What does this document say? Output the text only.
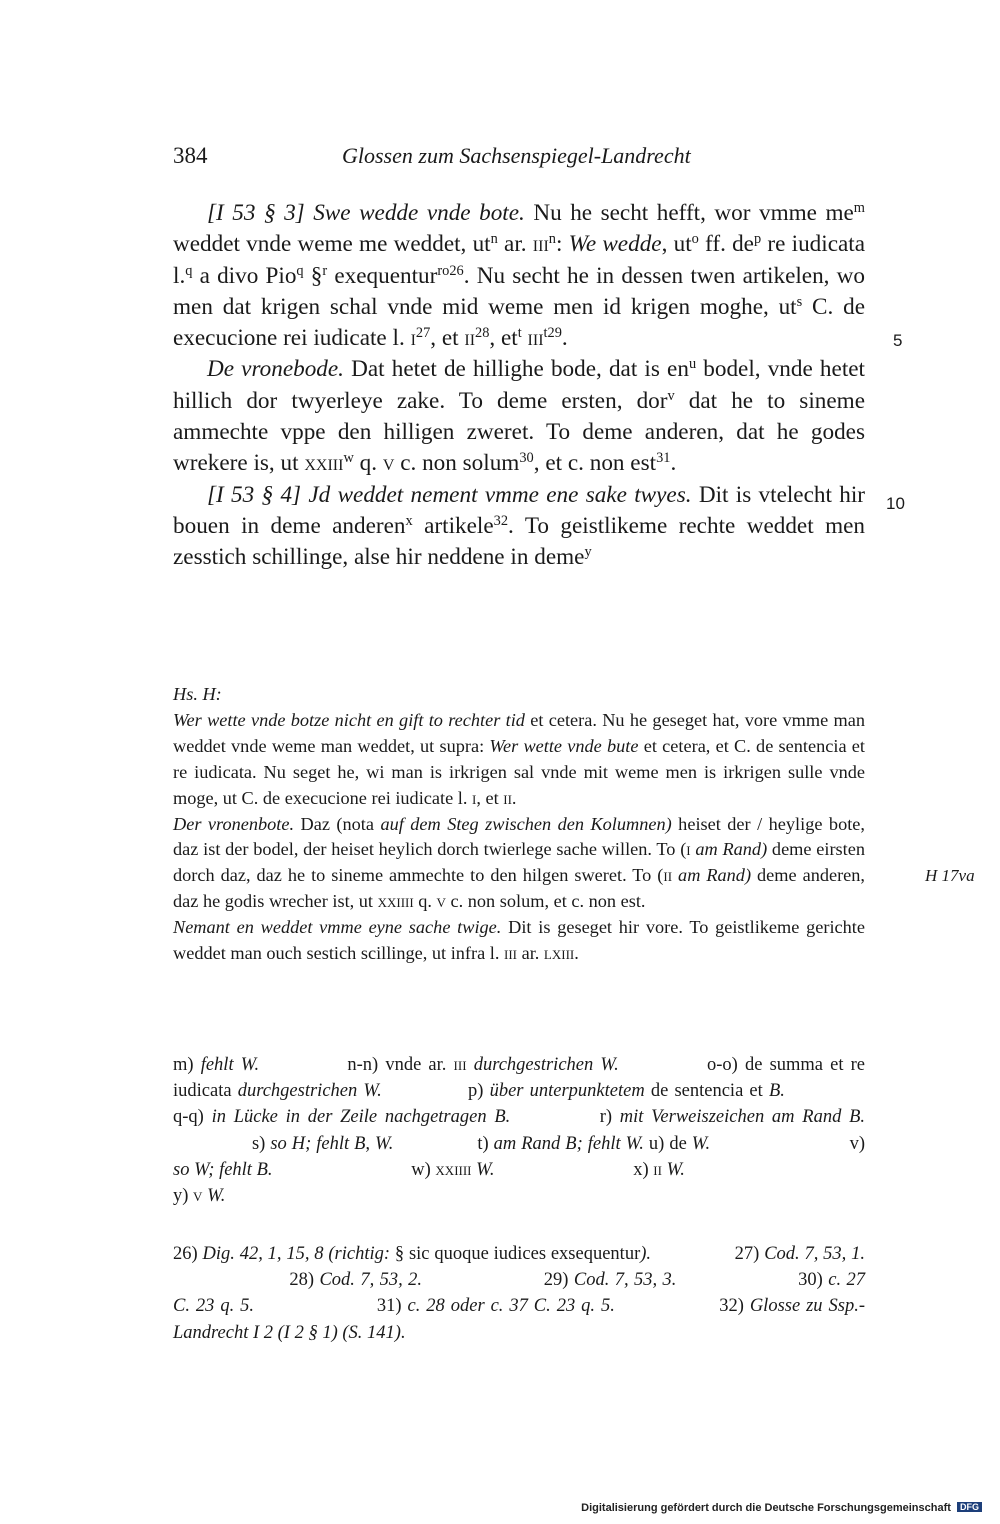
384	Glossen zum Sachsenspiegel-Landrecht

[I 53 § 3] Swe wedde vnde bote. Nu he secht hefft, wor vmme $me^m$ weddet vnde weme me weddet, $ut^n$ ar. iii$^n$: We wedde, $ut^o$ ff. $de^p$ re iudicata l.$^q$ a divo Pio$^q$ §$^r$ exequentur$^{ro26}$. Nu secht he in dessen twen artikelen, wo men dat krigen schal vnde mid weme men id krigen moghe, $ut^s$ C. de execucione rei iudicate l. $i^{27}$, et $ii^{28}$, $et^t$ iii$^{t29}$.

De vronebode. Dat hetet de hillighe bode, dat is $en^u$ bodel, vnde hetet hillich dor twyerleye zake. To deme ersten, dor$^v$ dat he to sineme ammechte vppe den hilligen zweret. To deme anderen, dat he godes wrekere is, ut xxiii$^w$ q. v c. non solum$^{30}$, et c. non est$^{31}$.

[I 53 § 4] Jd weddet nement vmme ene sake twyes. Dit is vtelecht hir bouen in deme anderen$^x$ artikele$^{32}$. To geistlikeme rechte weddet men zesstich schillinge, alse hir neddene in deme$^y$

5
10
Hs. H:
Wer wette vnde botze nicht en gift to rechter tid et cetera. Nu he geseget hat, vore vmme man weddet vnde weme man weddet, ut supra: Wer wette vnde bute et cetera, et C. de sentencia et re iudicata. Nu seget he, wi man is irkrigen sal vnde mit weme men is irkrigen sulle vnde moge, ut C. de execucione rei iudicate l. i, et ii.
Der vronenbote. Daz (nota auf dem Steg zwischen den Kolumnen) heiset der / heylige bote, daz ist der bodel, der heiset heylich dorch twierlege sache willen. To (i am Rand) deme eirsten dorch daz, daz he to sineme ammechte to den hilgen sweret. To (ii am Rand) deme anderen, daz he godis wrecher ist, ut xxiiii q. v c. non solum, et c. non est.
Nemant en weddet vmme eyne sache twige. Dit is geseget hir vore. To geistlikeme gerichte weddet man ouch sestich scillinge, ut infra l. iii ar. lxiii.
H 17va
m) fehlt W.      n-n) vnde ar. iii durchgestrichen W.      o-o) de summa et re iudicata durchgestrichen W.      p) über unterpunktetem de sentencia et B.      q-q) in Lücke in der Zeile nachgetragen B.      r) mit Verweiszeichen am Rand B.      s) so H; fehlt B, W.      t) am Rand B; fehlt W. u) de W.         v) so W; fehlt B.         w) xxiiii W.         x) ii W.
y) v W.
26) Dig. 42, 1, 15, 8 (richtig: § sic quoque iudices exsequentur).      27) Cod. 7, 53, 1.        28) Cod. 7, 53, 2.        29) Cod. 7, 53, 3.        30) c. 27 C. 23 q. 5.        31) c. 28 oder c. 37 C. 23 q. 5.       32) Glosse zu Ssp.-Landrecht I 2 (I 2 § 1) (S. 141).
Digitalisierung gefördert durch die Deutsche Forschungsgemeinschaft DFG
